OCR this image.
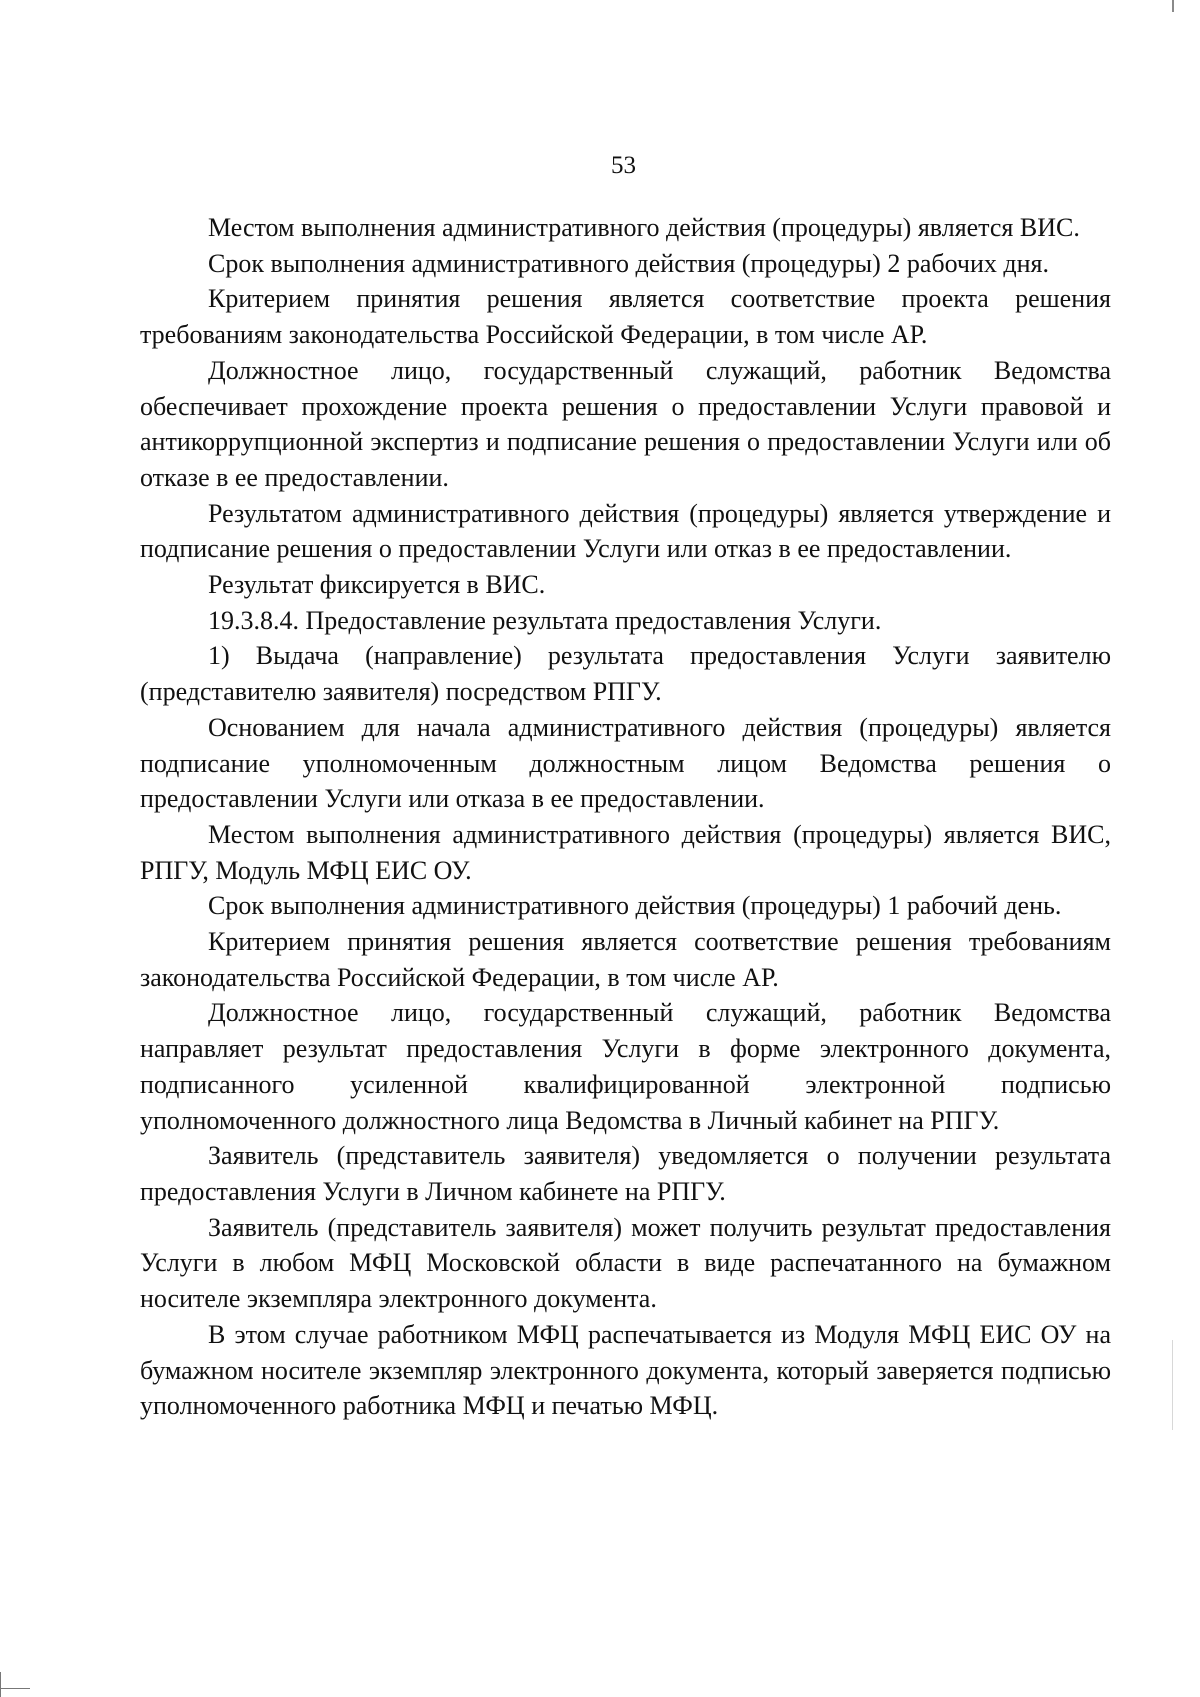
53

Местом выполнения административного действия (процедуры) является ВИС.

Срок выполнения административного действия (процедуры) 2 рабочих дня.

Критерием принятия решения является соответствие проекта решения требованиям законодательства Российской Федерации, в том числе АР.

Должностное лицо, государственный служащий, работник Ведомства обеспечивает прохождение проекта решения о предоставлении Услуги правовой и антикоррупционной экспертиз и подписание решения о предоставлении Услуги или об отказе в ее предоставлении.

Результатом административного действия (процедуры) является утверждение и подписание решения о предоставлении Услуги или отказ в ее предоставлении.

Результат фиксируется в ВИС.

19.3.8.4. Предоставление результата предоставления Услуги.

1) Выдача (направление) результата предоставления Услуги заявителю (представителю заявителя) посредством РПГУ.

Основанием для начала административного действия (процедуры) является подписание уполномоченным должностным лицом Ведомства решения о предоставлении Услуги или отказа в ее предоставлении.

Местом выполнения административного действия (процедуры) является ВИС, РПГУ, Модуль МФЦ ЕИС ОУ.

Срок выполнения административного действия (процедуры) 1 рабочий день.

Критерием принятия решения является соответствие решения требованиям законодательства Российской Федерации, в том числе АР.

Должностное лицо, государственный служащий, работник Ведомства направляет результат предоставления Услуги в форме электронного документа, подписанного усиленной квалифицированной электронной подписью уполномоченного должностного лица Ведомства в Личный кабинет на РПГУ.

Заявитель (представитель заявителя) уведомляется о получении результата предоставления Услуги в Личном кабинете на РПГУ.

Заявитель (представитель заявителя) может получить результат предоставления Услуги в любом МФЦ Московской области в виде распечатанного на бумажном носителе экземпляра электронного документа.

В этом случае работником МФЦ распечатывается из Модуля МФЦ ЕИС ОУ на бумажном носителе экземпляр электронного документа, который заверяется подписью уполномоченного работника МФЦ и печатью МФЦ.
